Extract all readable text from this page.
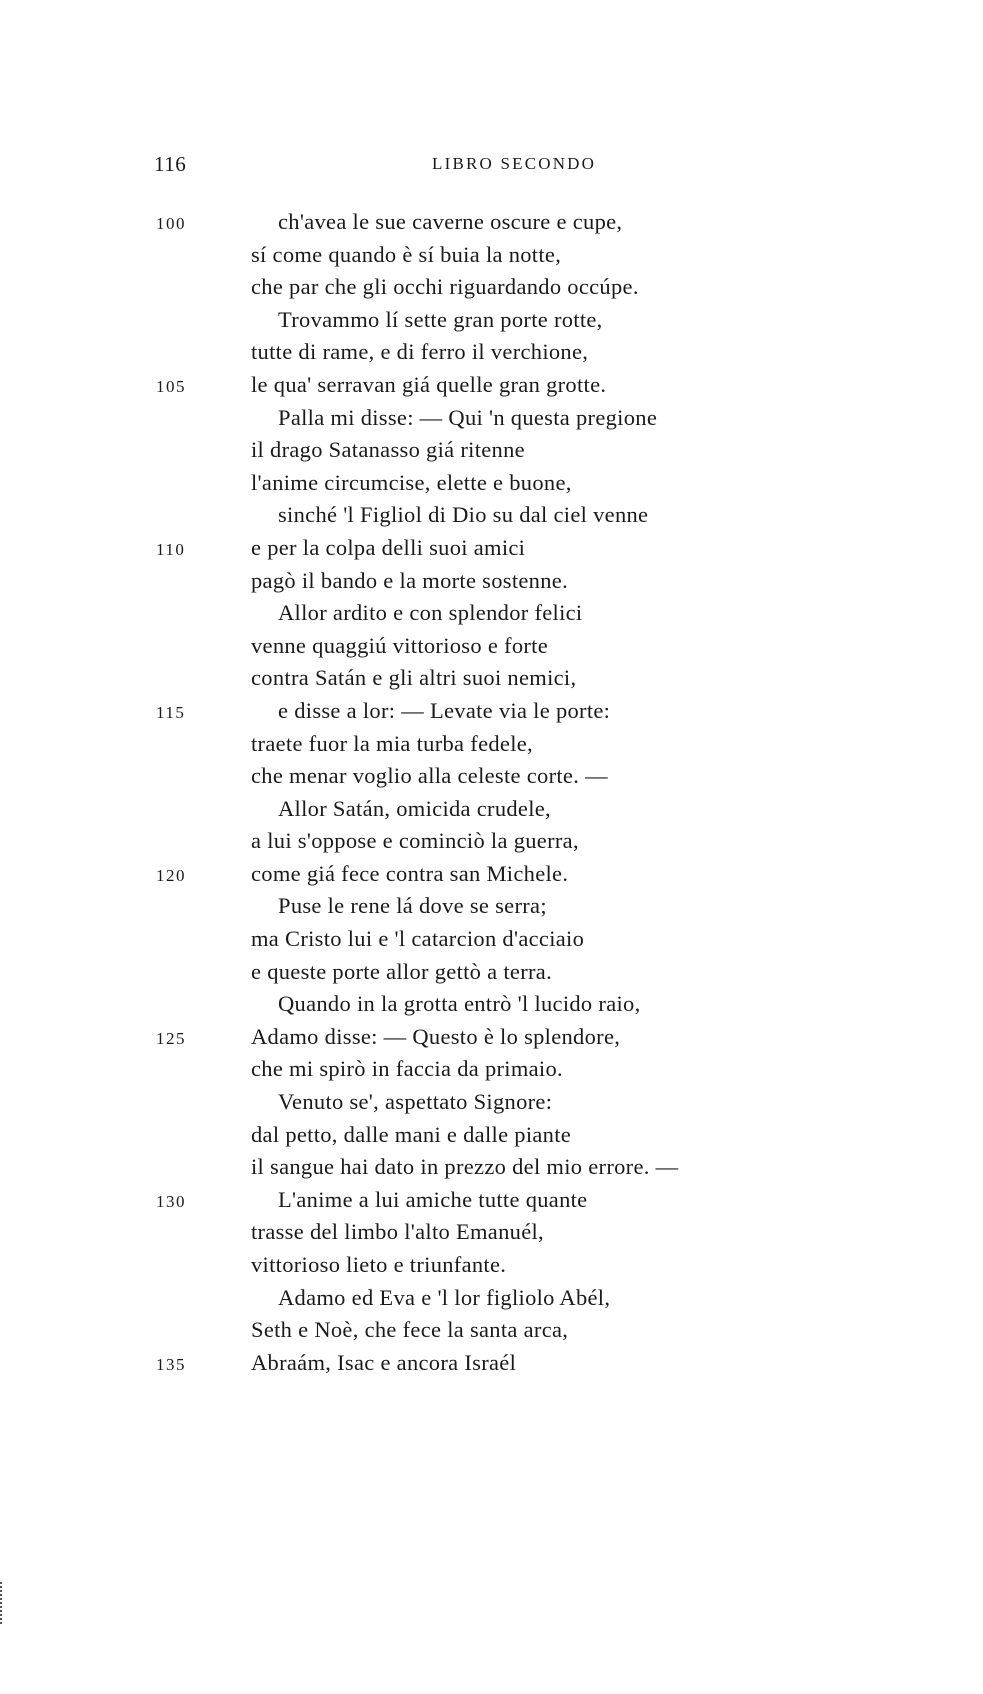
116	LIBRO SECONDO
100	ch'avea le sue caverne oscure e cupe,
sí come quando è sí buia la notte,
che par che gli occhi riguardando occúpe.
Trovammo lí sette gran porte rotte,
tutte di rame, e di ferro il verchione,
105	le qua' serravan giá quelle gran grotte.
Palla mi disse: — Qui 'n questa pregione
il drago Satanasso giá ritenne
l'anime circumcise, elette e buone,
sinché 'l Figliol di Dio su dal ciel venne
110	e per la colpa delli suoi amici
pagò il bando e la morte sostenne.
Allor ardito e con splendor felici
venne quaggiú vittorioso e forte
contra Satán e gli altri suoi nemici,
115	e disse a lor: — Levate via le porte:
traete fuor la mia turba fedele,
che menar voglio alla celeste corte. —
Allor Satán, omicida crudele,
a lui s'oppose e cominciò la guerra,
120	come giá fece contra san Michele.
Puse le rene lá dove se serra;
ma Cristo lui e 'l catarcion d'acciaio
e queste porte allor gettò a terra.
Quando in la grotta entrò 'l lucido raio,
125	Adamo disse: — Questo è lo splendore,
che mi spirò in faccia da primaio.
Venuto se', aspettato Signore:
dal petto, dalle mani e dalle piante
il sangue hai dato in prezzo del mio errore. —
130	L'anime a lui amiche tutte quante
trasse del limbo l'alto Emanuél,
vittorioso lieto e triunfante.
Adamo ed Eva e 'l lor figliolo Abél,
Seth e Noè, che fece la santa arca,
135	Abraám, Isac e ancora Israél
